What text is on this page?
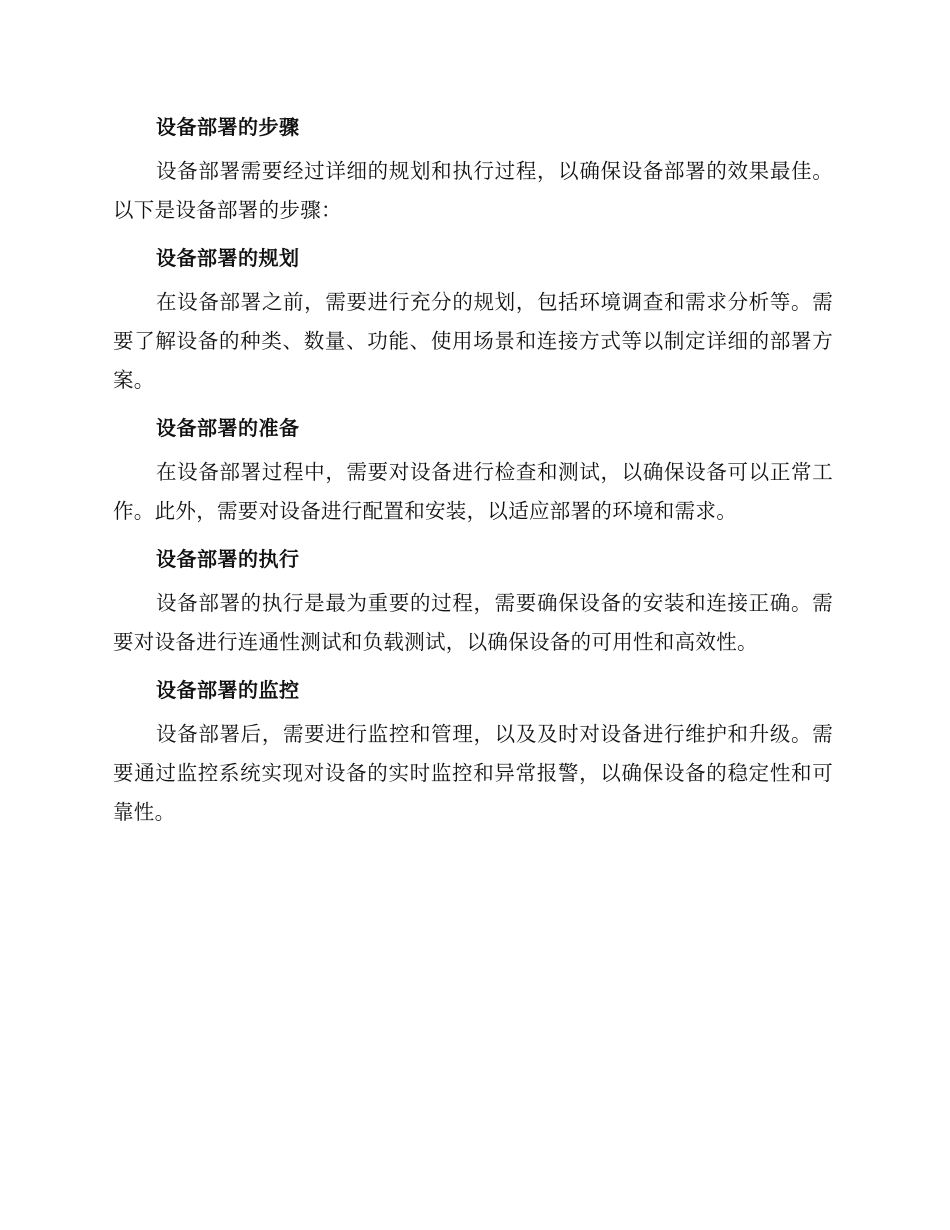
设备部署的步骤

设备部署需要经过详细的规划和执行过程，以确保设备部署的效果最佳。以下是设备部署的步骤：

设备部署的规划

在设备部署之前，需要进行充分的规划，包括环境调查和需求分析等。需要了解设备的种类、数量、功能、使用场景和连接方式等以制定详细的部署方案。

设备部署的准备

在设备部署过程中，需要对设备进行检查和测试，以确保设备可以正常工作。此外，需要对设备进行配置和安装，以适应部署的环境和需求。

设备部署的执行

设备部署的执行是最为重要的过程，需要确保设备的安装和连接正确。需要对设备进行连通性测试和负载测试，以确保设备的可用性和高效性。

设备部署的监控

设备部署后，需要进行监控和管理，以及及时对设备进行维护和升级。需要通过监控系统实现对设备的实时监控和异常报警，以确保设备的稳定性和可靠性。
